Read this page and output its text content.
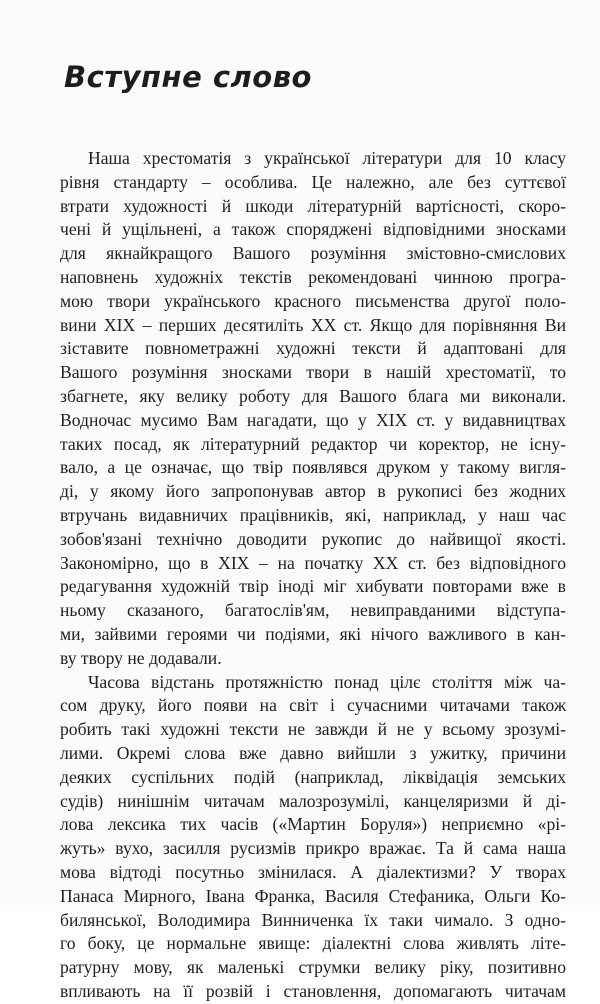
Вступне слово
Наша хрестоматія з української літератури для 10 класу
рівня стандарту – особлива. Це належно, але без суттєвої
втрати художності й шкоди літературній вартісності, скоро-
чені й ущільнені, а також споряджені відповідними зносками
для якнайкращого Вашого розуміння змістовно-смислових
наповнень художніх текстів рекомендовані чинною програ-
мою твори українського красного письменства другої поло-
вини XIX – перших десятиліть XX ст. Якщо для порівняння Ви
зіставите повнометражні художні тексти й адаптовані для
Вашого розуміння зносками твори в нашій хрестоматії, то
збагнете, яку велику роботу для Вашого блага ми виконали.
Водночас мусимо Вам нагадати, що у XIX ст. у видавництвах
таких посад, як літературний редактор чи коректор, не існу-
вало, а це означає, що твір появлявся друком у такому вигля-
ді, у якому його запропонував автор в рукописі без жодних
втручань видавничих працівників, які, наприклад, у наш час
зобов'язані технічно доводити рукопис до найвищої якості.
Закономірно, що в XIX – на початку XX ст. без відповідного
редагування художній твір іноді міг хибувати повторами вже в
ньому сказаного, багатослів'ям, невиправданими відступа-
ми, зайвими героями чи подіями, які нічого важливого в кан-
ву твору не додавали.
Часова відстань протяжністю понад цілє століття між ча-
сом друку, його появи на світ і сучасними читачами також
робить такі художні тексти не завжди й не у всьому зрозумі-
лими. Окремі слова вже давно вийшли з ужитку, причини
деяких суспільних подій (наприклад, ліквідація земських
судів) нинішнім читачам малозрозумілі, канцеляризми й ді-
лова лексика тих часів («Мартин Боруля») неприємно «рі-
жуть» вухо, засилля русизмів прикро вражає. Та й сама наша
мова відтоді посутньо змінилася. А діалектизми? У творах
Панаса Мирного, Івана Франка, Василя Стефаника, Ольги Ко-
билянської, Володимира Винниченка їх таки чимало. З одно-
го боку, це нормальне явище: діалектні слова живлять літе-
ратурну мову, як маленькі струмки велику ріку, позитивно
впливають на її розвій і становлення, допомагають читачам
